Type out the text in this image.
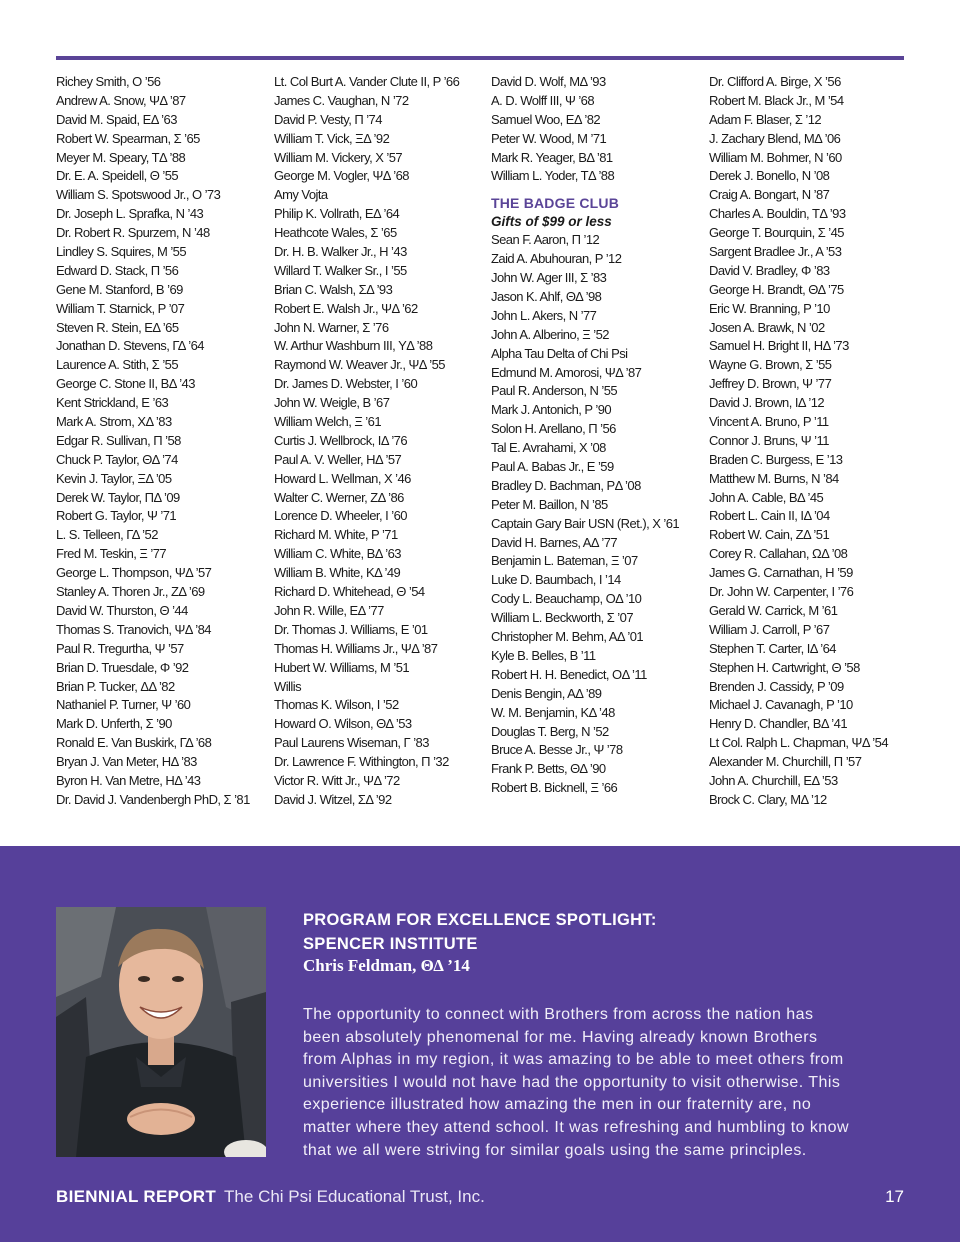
Richey Smith, O ’56
Andrew A. Snow, ΨΔ ’87
David M. Spaid, EΔ ’63
Robert W. Spearman, Σ ’65
Meyer M. Speary, TΔ ’88
Dr. E. A. Speidell, Θ ’55
William S. Spotswood Jr., O ’73
Dr. Joseph L. Sprafka, N ’43
Dr. Robert R. Spurzem, N ’48
Lindley S. Squires, M ’55
Edward D. Stack, Π ’56
Gene M. Stanford, B ’69
William T. Starnick, P ’07
Steven R. Stein, EΔ ’65
Jonathan D. Stevens, ΓΔ ’64
Laurence A. Stith, Σ ’55
George C. Stone II, BΔ ’43
Kent Strickland, E ’63
Mark A. Strom, XΔ ’83
Edgar R. Sullivan, Π ’58
Chuck P. Taylor, ΘΔ ’74
Kevin J. Taylor, ΞΔ ’05
Derek W. Taylor, ΠΔ ’09
Robert G. Taylor, Ψ ’71
L. S. Telleen, ΓΔ ’52
Fred M. Teskin, Ξ ’77
George L. Thompson, ΨΔ ’57
Stanley A. Thoren Jr., ZΔ ’69
David W. Thurston, Θ ’44
Thomas S. Tranovich, ΨΔ ’84
Paul R. Tregurtha, Ψ ’57
Brian D. Truesdale, Φ ’92
Brian P. Tucker, ΔΔ ’82
Nathaniel P. Turner, Ψ ’60
Mark D. Unferth, Σ ’90
Ronald E. Van Buskirk, ΓΔ ’68
Bryan J. Van Meter, HΔ ’83
Byron H. Van Metre, HΔ ’43
Dr. David J. Vandenbergh PhD, Σ ’81
Lt. Col Burt A. Vander Clute II, P ’66
James C. Vaughan, N ’72
David P. Vesty, Π ’74
William T. Vick, ΞΔ ’92
William M. Vickery, X ’57
George M. Vogler, ΨΔ ’68
Amy Vojta
Philip K. Vollrath, EΔ ’64
Heathcote Wales, Σ ’65
Dr. H. B. Walker Jr., H ’43
Willard T. Walker Sr., I ’55
Brian C. Walsh, ΣΔ ’93
Robert E. Walsh Jr., ΨΔ ’62
John N. Warner, Σ ’76
W. Arthur Washburn III, YΔ ’88
Raymond W. Weaver Jr., ΨΔ ’55
Dr. James D. Webster, I ’60
John W. Weigle, B ’67
William Welch, Ξ ’61
Curtis J. Wellbrock, IΔ ’76
Paul A. V. Weller, HΔ ’57
Howard L. Wellman, X ’46
Walter C. Werner, ZΔ ’86
Lorence D. Wheeler, I ’60
Richard M. White, P ’71
William C. White, BΔ ’63
William B. White, KΔ ’49
Richard D. Whitehead, Θ ’54
John R. Wille, EΔ ’77
Dr. Thomas J. Williams, E ’01
Thomas H. Williams Jr., ΨΔ ’87
Hubert W. Williams, M ’51
Willis
Thomas K. Wilson, I ’52
Howard O. Wilson, ΘΔ ’53
Paul Laurens Wiseman, Γ ’83
Dr. Lawrence F. Withington, Π ’32
Victor R. Witt Jr., ΨΔ ’72
David J. Witzel, ΣΔ ’92
David D. Wolf, MΔ ’93
A. D. Wolff III, Ψ ’68
Samuel Woo, EΔ ’82
Peter W. Wood, M ’71
Mark R. Yeager, BΔ ’81
William L. Yoder, TΔ ’88
THE BADGE CLUB
Gifts of $99 or less
Sean F. Aaron, Π ’12
Zaid A. Abuhouran, P ’12
John W. Ager III, Σ ’83
Jason K. Ahlf, ΘΔ ’98
John L. Akers, N ’77
John A. Alberino, Ξ ’52
Alpha Tau Delta of Chi Psi
Edmund M. Amorosi, ΨΔ ’87
Paul R. Anderson, N ’55
Mark J. Antonich, P ’90
Solon H. Arellano, Π ’56
Tal E. Avrahami, X ’08
Paul A. Babas Jr., E ’59
Bradley D. Bachman, PΔ ’08
Peter M. Baillon, N ’85
Captain Gary Bair USN (Ret.), X ’61
David H. Barnes, AΔ ’77
Benjamin L. Bateman, Ξ ’07
Luke D. Baumbach, I ’14
Cody L. Beauchamp, OΔ ’10
William L. Beckworth, Σ ’07
Christopher M. Behm, AΔ ’01
Kyle B. Belles, B ’11
Robert H. H. Benedict, OΔ ’11
Denis Bengin, AΔ ’89
W. M. Benjamin, KΔ ’48
Douglas T. Berg, N ’52
Bruce A. Besse Jr., Ψ ’78
Frank P. Betts, ΘΔ ’90
Robert B. Bicknell, Ξ ’66
Dr. Clifford A. Birge, X ’56
Robert M. Black Jr., M ’54
Adam F. Blaser, Σ ’12
J. Zachary Blend, MΔ ’06
William M. Bohmer, N ’60
Derek J. Bonello, N ’08
Craig A. Bongart, N ’87
Charles A. Bouldin, TΔ ’93
George T. Bourquin, Σ ’45
Sargent Bradlee Jr., A ’53
David V. Bradley, Φ ’83
George H. Brandt, ΘΔ ’75
Eric W. Branning, P ’10
Josen A. Brawk, N ’02
Samuel H. Bright II, HΔ ’73
Wayne G. Brown, Σ ’55
Jeffrey D. Brown, Ψ ’77
David J. Brown, IΔ ’12
Vincent A. Bruno, P ’11
Connor J. Bruns, Ψ ’11
Braden C. Burgess, E ’13
Matthew M. Burns, N ’84
John A. Cable, BΔ ’45
Robert L. Cain II, IΔ ’04
Robert W. Cain, ZΔ ’51
Corey R. Callahan, ΩΔ ’08
James G. Carnathan, H ’59
Dr. John W. Carpenter, I ’76
Gerald W. Carrick, M ’61
William J. Carroll, P ’67
Stephen T. Carter, IΔ ’64
Stephen H. Cartwright, Θ ’58
Brenden J. Cassidy, P ’09
Michael J. Cavanagh, P ’10
Henry D. Chandler, BΔ ’41
Lt Col. Ralph L. Chapman, ΨΔ ’54
Alexander M. Churchill, Π ’57
John A. Churchill, EΔ ’53
Brock C. Clary, MΔ ’12
PROGRAM FOR EXCELLENCE SPOTLIGHT:
SPENCER INSTITUTE
Chris Feldman, ΘΔ ’14
The opportunity to connect with Brothers from across the nation has
been absolutely phenomenal for me. Having already known Brothers
from Alphas in my region, it was amazing to be able to meet others from
universities I would not have had the opportunity to visit otherwise. This
experience illustrated how amazing the men in our fraternity are, no
matter where they attend school. It was refreshing and humbling to know
that we all were striving for similar goals using the same principles.
BIENNIAL REPORT The Chi Psi Educational Trust, Inc.	17
